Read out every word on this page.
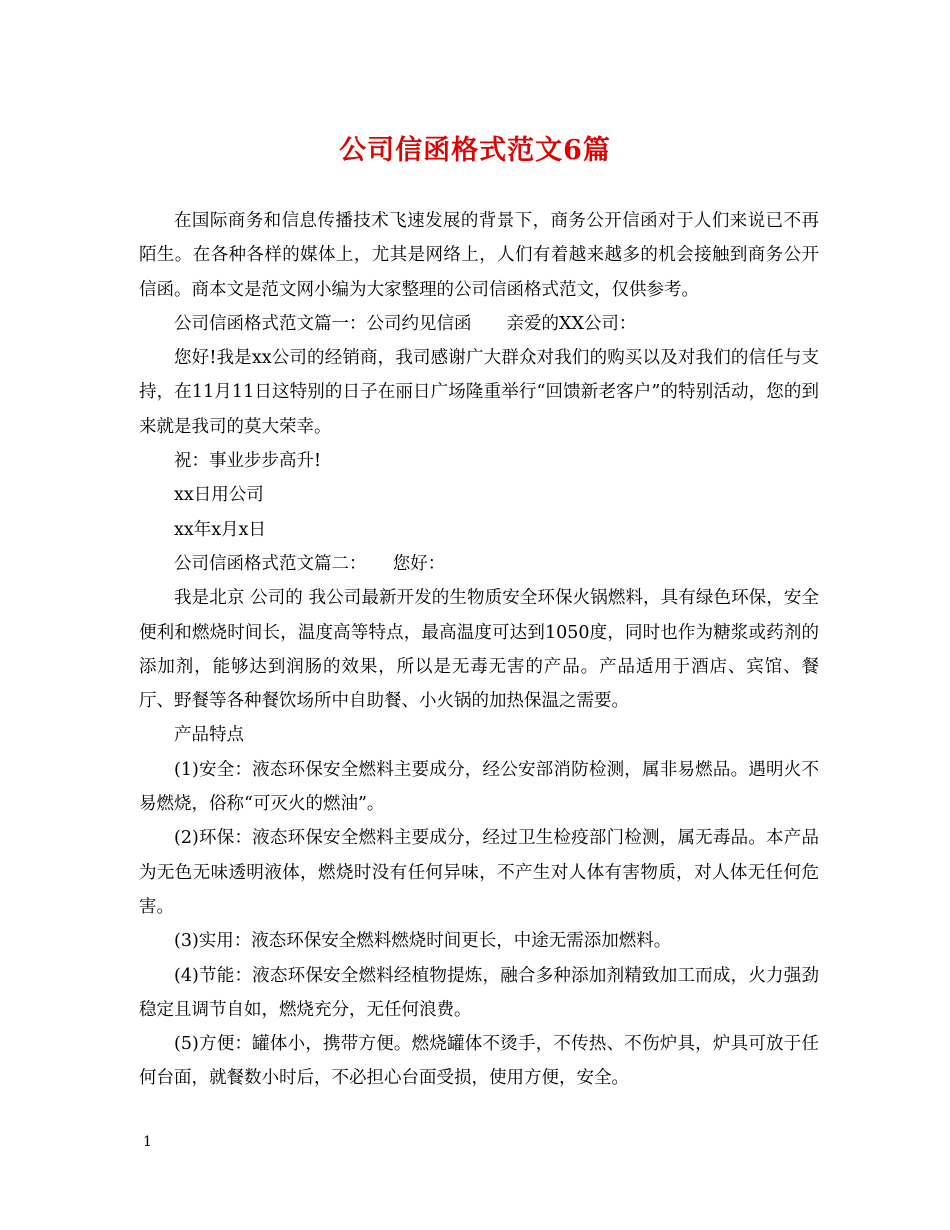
公司信函格式范文6篇

在国际商务和信息传播技术飞速发展的背景下，商务公开信函对于人们来说已不再陌生。在各种各样的媒体上，尤其是网络上，人们有着越来越多的机会接触到商务公开信函。商本文是范文网小编为大家整理的公司信函格式范文，仅供参考。

公司信函格式范文篇一：公司约见信函　　亲爱的XX公司：

您好!我是xx公司的经销商，我司感谢广大群众对我们的购买以及对我们的信任与支持，在11月11日这特别的日子在丽日广场隆重举行“回馈新老客户”的特别活动，您的到来就是我司的莫大荣幸。

祝：事业步步高升!

xx日用公司

xx年x月x日

公司信函格式范文篇二：　　您好：

我是北京 公司的 我公司最新开发的生物质安全环保火锅燃料，具有绿色环保，安全便利和燃烧时间长，温度高等特点，最高温度可达到1050度，同时也作为糖浆或药剂的添加剂，能够达到润肠的效果，所以是无毒无害的产品。产品适用于酒店、宾馆、餐厅、野餐等各种餐饮场所中自助餐、小火锅的加热保温之需要。

产品特点

(1)安全：液态环保安全燃料主要成分，经公安部消防检测，属非易燃品。遇明火不易燃烧，俗称“可灭火的燃油”。

(2)环保：液态环保安全燃料主要成分，经过卫生检疫部门检测，属无毒品。本产品为无色无味透明液体，燃烧时没有任何异味，不产生对人体有害物质，对人体无任何危害。

(3)实用：液态环保安全燃料燃烧时间更长，中途无需添加燃料。

(4)节能：液态环保安全燃料经植物提炼，融合多种添加剂精致加工而成，火力强劲稳定且调节自如，燃烧充分，无任何浪费。

(5)方便：罐体小，携带方便。燃烧罐体不烫手，不传热、不伤炉具，炉具可放于任何台面，就餐数小时后，不必担心台面受损，使用方便，安全。

1
